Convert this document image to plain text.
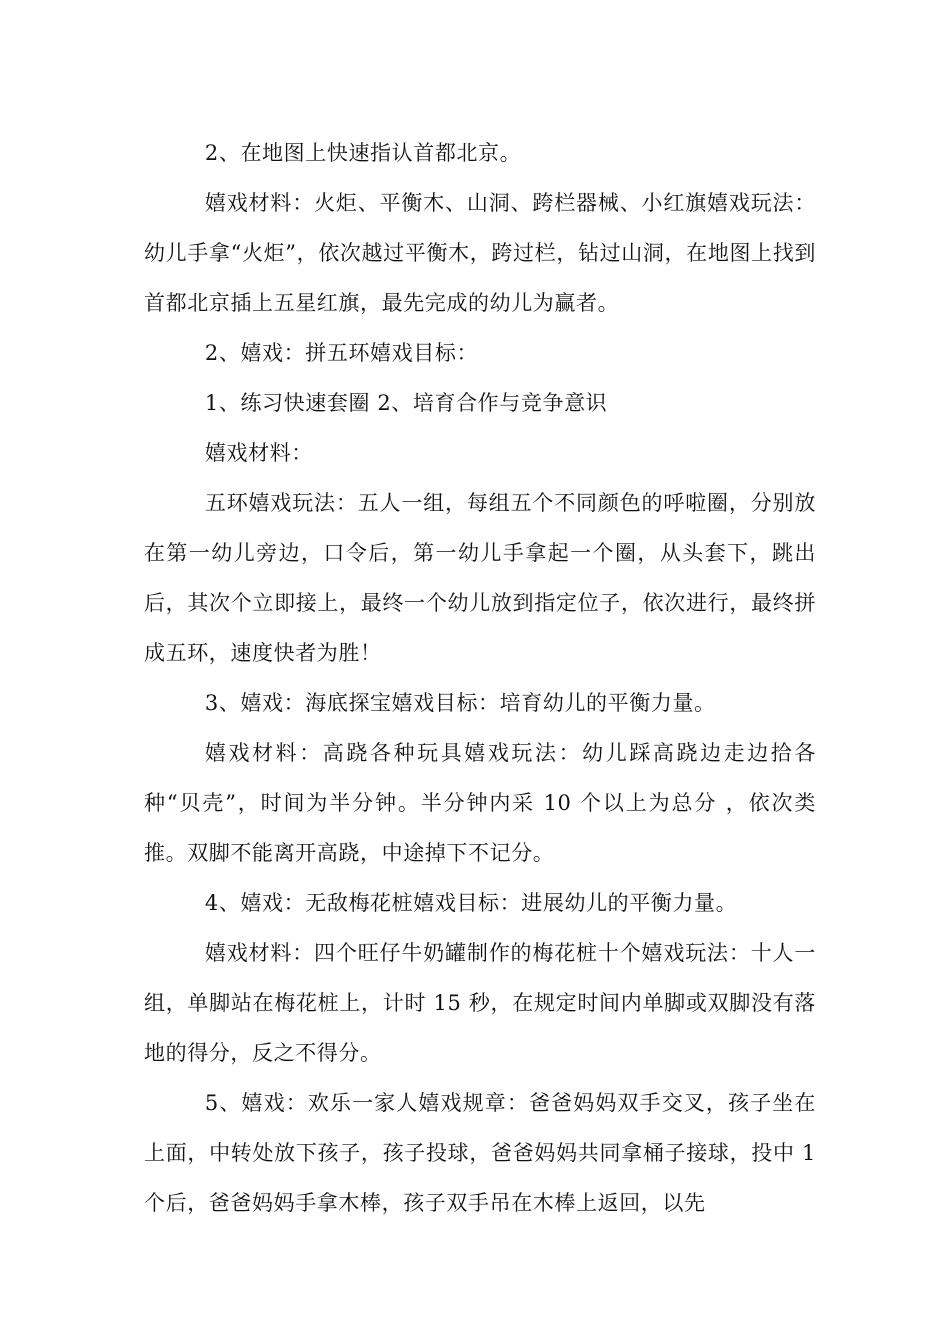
2、在地图上快速指认首都北京。

嬉戏材料：火炬、平衡木、山洞、跨栏器械、小红旗嬉戏玩法：幼儿手拿“火炬”，依次越过平衡木，跨过栏，钻过山洞，在地图上找到首都北京插上五星红旗，最先完成的幼儿为赢者。

2、嬉戏：拼五环嬉戏目标：

1、练习快速套圈 2、培育合作与竞争意识

嬉戏材料：

五环嬉戏玩法：五人一组，每组五个不同颜色的呼啦圈，分别放在第一幼儿旁边，口令后，第一幼儿手拿起一个圈，从头套下，跳出后，其次个立即接上，最终一个幼儿放到指定位子，依次进行，最终拼成五环，速度快者为胜！

3、嬉戏：海底探宝嬉戏目标：培育幼儿的平衡力量。

嬉戏材料：高跷各种玩具嬉戏玩法：幼儿踩高跷边走边拾各种“贝壳”，时间为半分钟。半分钟内采 10 个以上为总分 ，依次类推。双脚不能离开高跷，中途掉下不记分。

4、嬉戏：无敌梅花桩嬉戏目标：进展幼儿的平衡力量。

嬉戏材料：四个旺仔牛奶罐制作的梅花桩十个嬉戏玩法：十人一组，单脚站在梅花桩上，计时 15 秒，在规定时间内单脚或双脚没有落地的得分，反之不得分。

5、嬉戏：欢乐一家人嬉戏规章：爸爸妈妈双手交叉，孩子坐在上面，中转处放下孩子，孩子投球，爸爸妈妈共同拿桶子接球，投中 1 个后，爸爸妈妈手拿木棒，孩子双手吊在木棒上返回，以先
